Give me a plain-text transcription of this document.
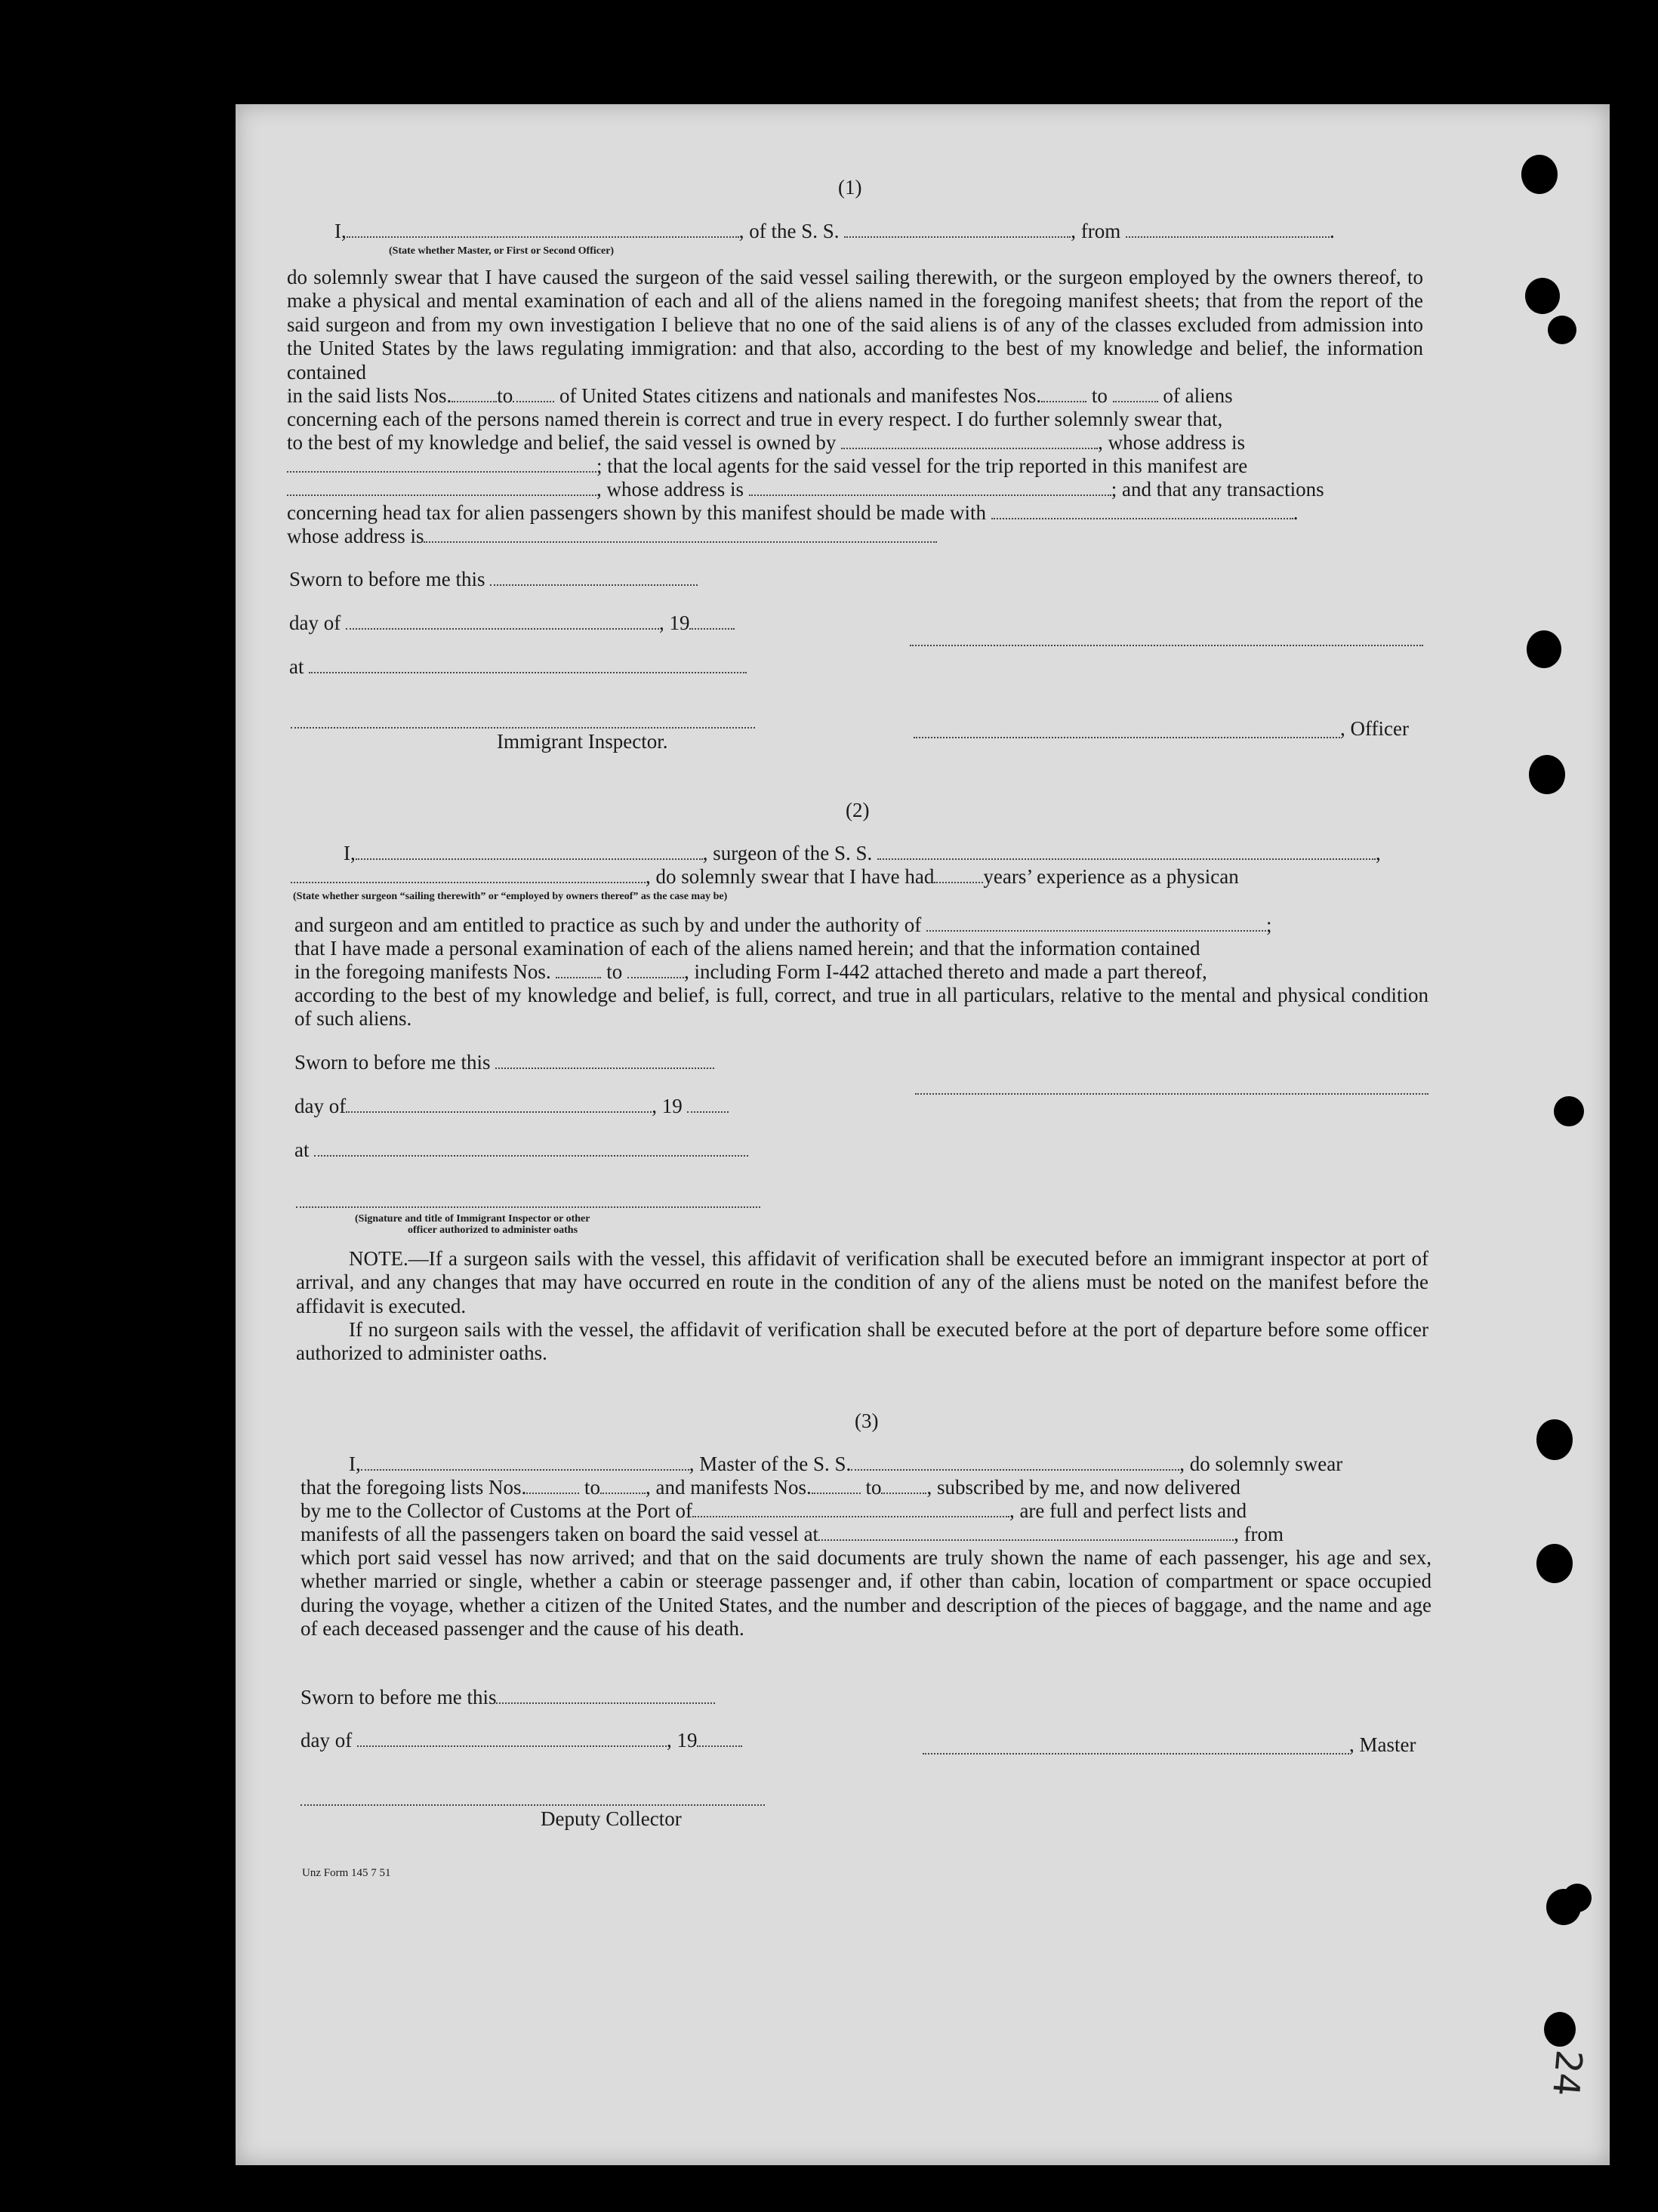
(1)
I,	, of the S. S.	, from	.
(State whether Master, or First or Second Officer)
do solemnly swear that I have caused the surgeon of the said vessel sailing therewith, or the surgeon employed by the owners thereof, to make a physical and mental examination of each and all of the aliens named in the foregoing manifest sheets; that from the report of the said surgeon and from my own investigation I believe that no one of the said aliens is of any of the classes excluded from admission into the United States by the laws regulating immigration: and that also, according to the best of my knowledge and belief, the information contained
in the said lists Nos. to of United States citizens and nationals and manifestes Nos. to	of aliens
concerning each of the persons named therein is correct and true in every respect. I do further solemnly swear that,
to the best of my knowledge and belief, the said vessel is owned by	, whose address is
; that the local agents for the said vessel for the trip reported in this manifest are
, whose address is	; and that any transactions
concerning head tax for alien passengers shown by this manifest should be made with	.
whose address is
Sworn to before me this
day of	, 19
at
Immigrant Inspector.
, Officer
(2)
I,	, surgeon of the S. S.	,
, do solemnly swear that I have had years’ experience as a physican
(State whether surgeon “sailing therewith” or “employed by owners thereof” as the case may be)
and surgeon and am entitled to practice as such by and under the authority of	;
that I have made a personal examination of each of the aliens named herein; and that the information contained
in the foregoing manifests Nos.	to	, including Form I-442 attached thereto and made a part thereof,
according to the best of my knowledge and belief, is full, correct, and true in all particulars, relative to the mental and physical condition of such aliens.
Sworn to before me this
day of	, 19
at
(Signature and title of Immigrant Inspector or other
officer authorized to administer oaths
NOTE.—If a surgeon sails with the vessel, this affidavit of verification shall be executed before an immigrant inspector at port of arrival, and any changes that may have occurred en route in the condition of any of the aliens must be noted on the manifest before the affidavit is executed.
If no surgeon sails with the vessel, the affidavit of verification shall be executed before at the port of departure before some officer authorized to administer oaths.
(3)
I,	, Master of the S. S.	, do solemnly swear
that the foregoing lists Nos.	to , and manifests Nos.	to , subscribed by me, and now delivered
by me to the Collector of Customs at the Port of	, are full and perfect lists and
manifests of all the passengers taken on board the said vessel at	, from
which port said vessel has now arrived; and that on the said documents are truly shown the name of each passenger, his age and sex, whether married or single, whether a cabin or steerage passenger and, if other than cabin, location of compartment or space occupied during the voyage, whether a citizen of the United States, and the number and description of the pieces of baggage, and the name and age of each deceased passenger and the cause of his death.
Sworn to before me this
day of	, 19	, Master
Deputy Collector
Unz Form 145 7 51
24
